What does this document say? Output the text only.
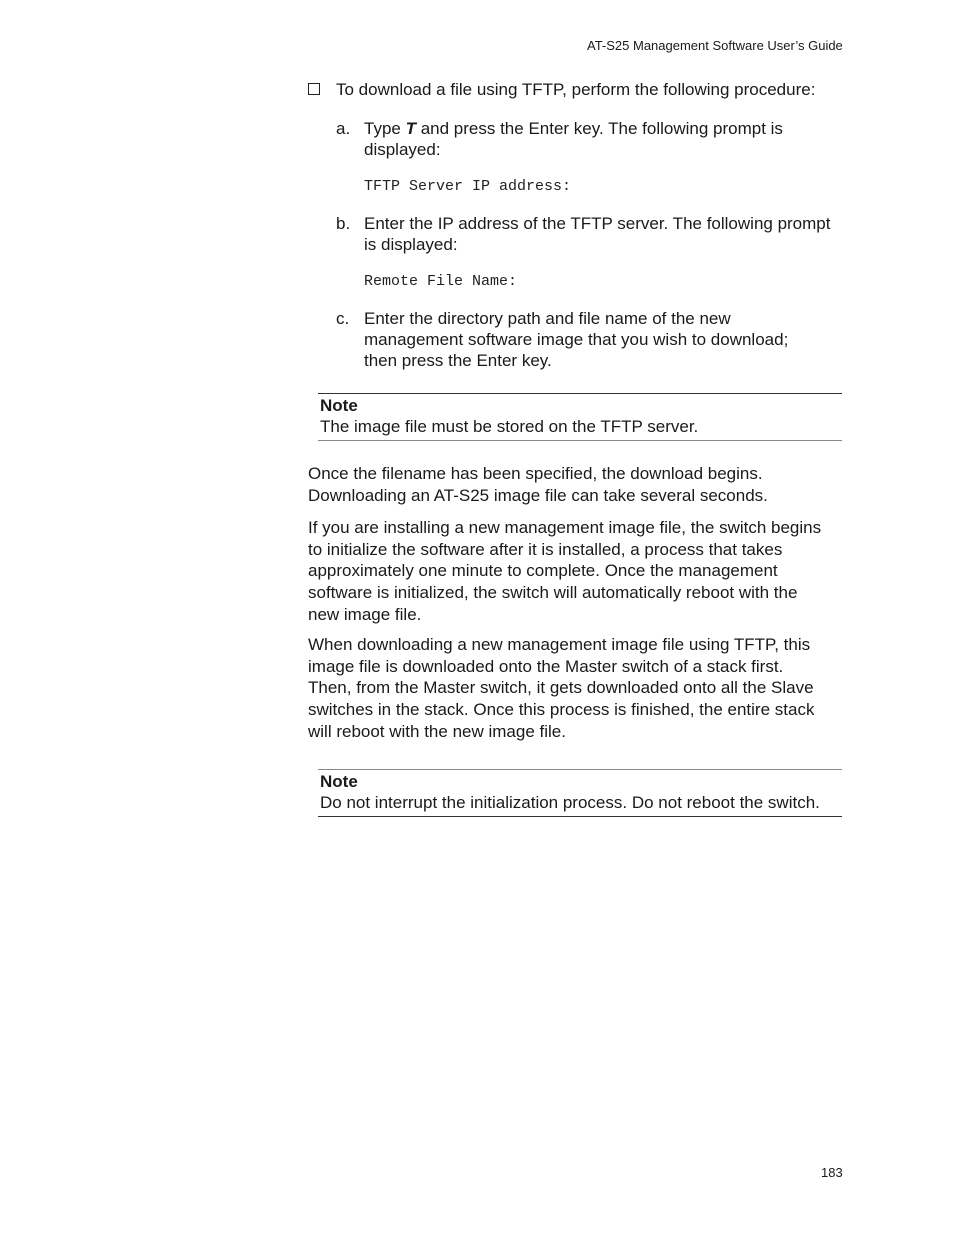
AT-S25 Management Software User’s Guide
To download a file using TFTP, perform the following procedure:
a. Type T and press the Enter key. The following prompt is displayed:
TFTP Server IP address:
b. Enter the IP address of the TFTP server. The following prompt is displayed:
Remote File Name:
c. Enter the directory path and file name of the new management software image that you wish to download; then press the Enter key.
Note
The image file must be stored on the TFTP server.
Once the filename has been specified, the download begins. Downloading an AT-S25 image file can take several seconds.
If you are installing a new management image file, the switch begins to initialize the software after it is installed, a process that takes approximately one minute to complete. Once the management software is initialized, the switch will automatically reboot with the new image file.
When downloading a new management image file using TFTP, this image file is downloaded onto the Master switch of a stack first. Then, from the Master switch, it gets downloaded onto all the Slave switches in the stack. Once this process is finished, the entire stack will reboot with the new image file.
Note
Do not interrupt the initialization process. Do not reboot the switch.
183
